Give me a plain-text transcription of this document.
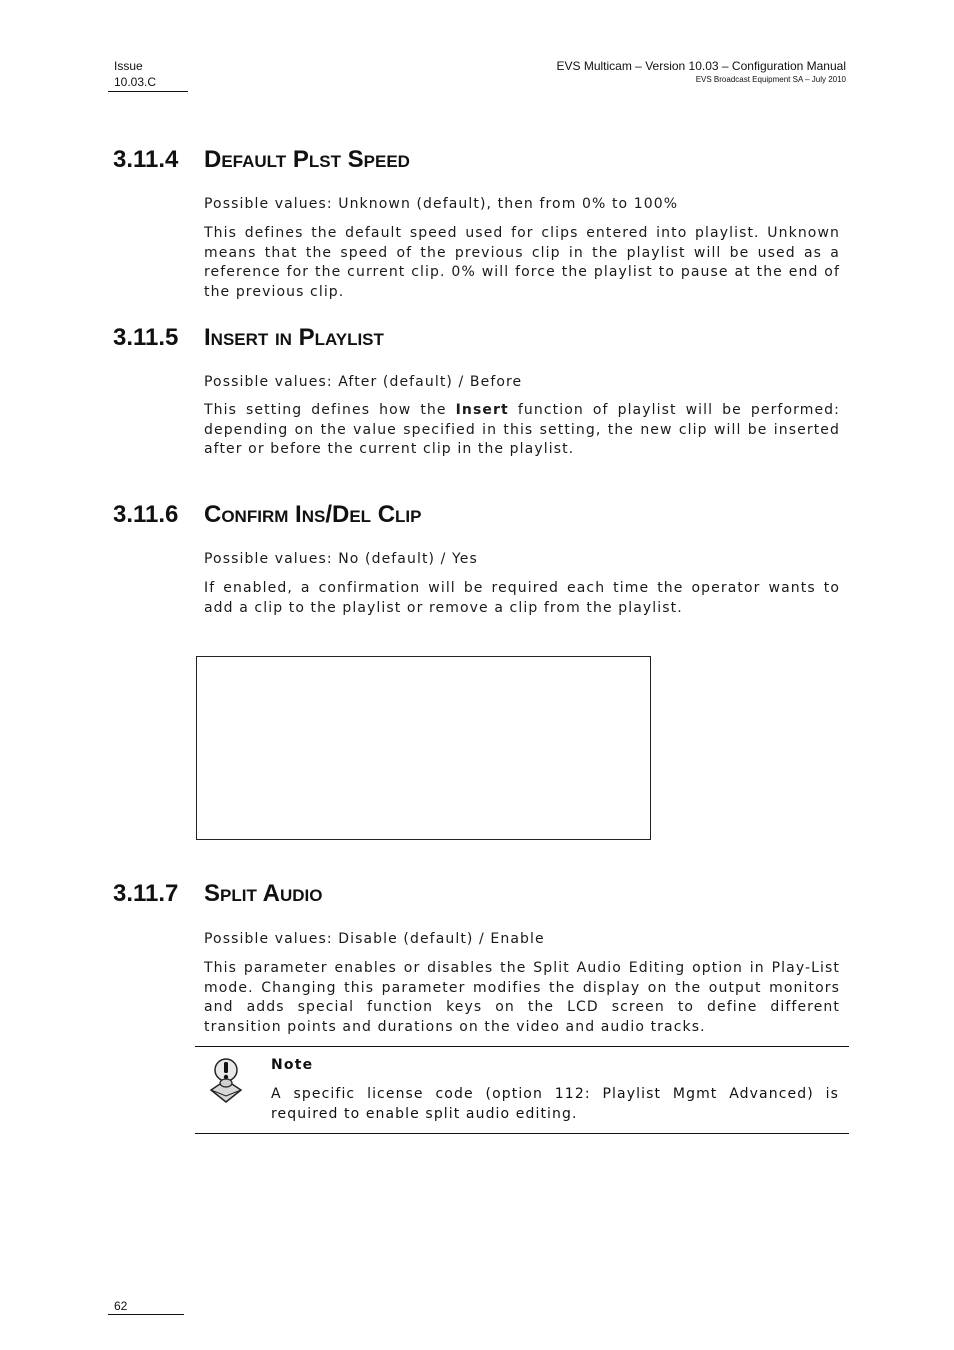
Issue
10.03.C
EVS Multicam – Version 10.03 – Configuration Manual
EVS Broadcast Equipment SA – July 2010
3.11.4 Default Plst Speed
Possible values: Unknown (default), then from 0% to 100%
This defines the default speed used for clips entered into playlist. Unknown means that the speed of the previous clip in the playlist will be used as a reference for the current clip. 0% will force the playlist to pause at the end of the previous clip.
3.11.5 Insert in Playlist
Possible values: After (default) / Before
This setting defines how the Insert function of playlist will be performed: depending on the value specified in this setting, the new clip will be inserted after or before the current clip in the playlist.
3.11.6 Confirm Ins/Del Clip
Possible values: No (default) / Yes
If enabled, a confirmation will be required each time the operator wants to add a clip to the playlist or remove a clip from the playlist.
3.11.7 Split Audio
Possible values: Disable (default) / Enable
This parameter enables or disables the Split Audio Editing option in Play-List mode. Changing this parameter modifies the display on the output monitors and adds special function keys on the LCD screen to define different transition points and durations on the video and audio tracks.
Note
A specific license code (option 112: Playlist Mgmt Advanced) is required to enable split audio editing.
62
